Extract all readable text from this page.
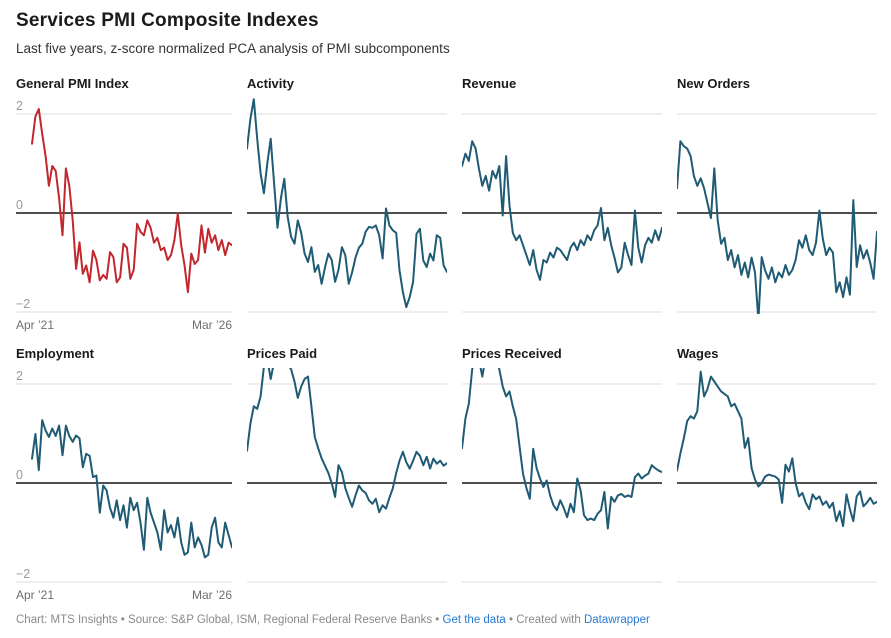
Services PMI Composite Indexes
Last five years, z-score normalized PCA analysis of PMI subcomponents
General PMI Index
2
0
−2
Apr ’21	Mar ’26
Activity	Revenue	New Orders
Employment
2
0
−2
Apr ’21	Mar ’26
Prices Paid	Prices Received	Wages
Chart: MTS Insights • Source: S&P Global, ISM, Regional Federal Reserve Banks • Get the data • Created with Datawrapper
